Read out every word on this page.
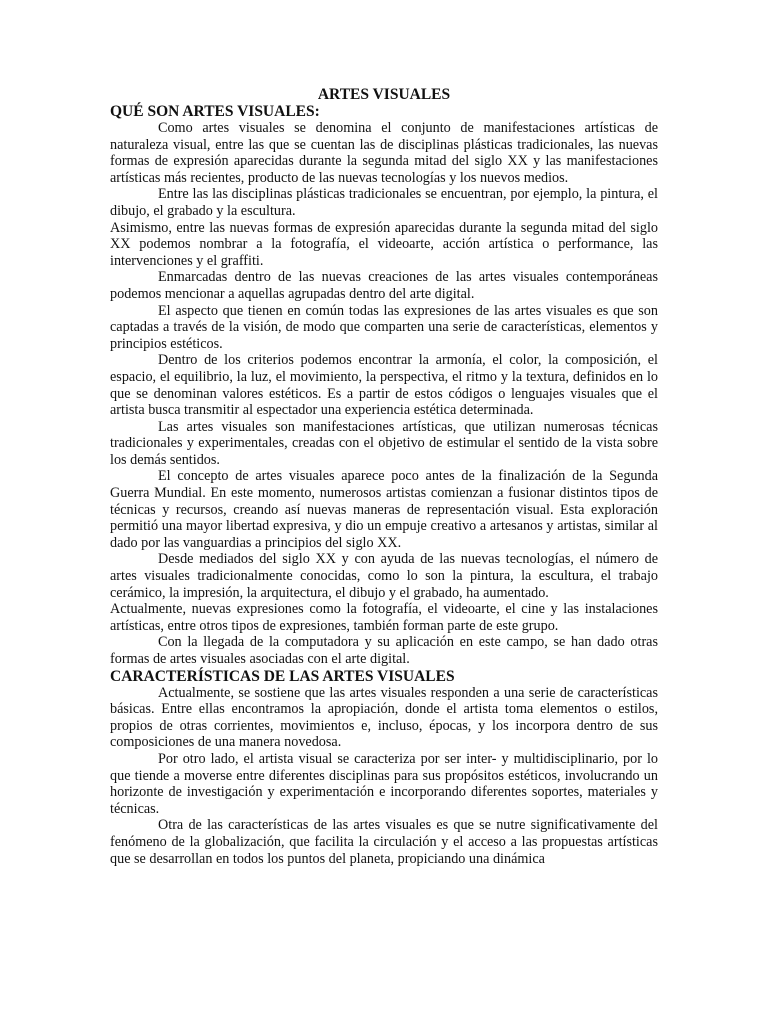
ARTES VISUALES

QUÉ SON ARTES VISUALES:

Como artes visuales se denomina el conjunto de manifestaciones artísticas de naturaleza visual, entre las que se cuentan las de disciplinas plásticas tradicionales, las nuevas formas de expresión aparecidas durante la segunda mitad del siglo XX y las manifestaciones artísticas más recientes, producto de las nuevas tecnologías y los nuevos medios.

Entre las las disciplinas plásticas tradicionales se encuentran, por ejemplo, la pintura, el dibujo, el grabado y la escultura.

Asimismo, entre las nuevas formas de expresión aparecidas durante la segunda mitad del siglo XX podemos nombrar a la fotografía, el videoarte, acción artística o performance, las intervenciones y el graffiti.

Enmarcadas dentro de las nuevas creaciones de las artes visuales contemporáneas podemos mencionar a aquellas agrupadas dentro del arte digital.

El aspecto que tienen en común todas las expresiones de las artes visuales es que son captadas a través de la visión, de modo que comparten una serie de características, elementos y principios estéticos.

Dentro de los criterios podemos encontrar la armonía, el color, la composición, el espacio, el equilibrio, la luz, el movimiento, la perspectiva, el ritmo y la textura, definidos en lo que se denominan valores estéticos. Es a partir de estos códigos o lenguajes visuales que el artista busca transmitir al espectador una experiencia estética determinada.

Las artes visuales son manifestaciones artísticas, que utilizan numerosas técnicas tradicionales y experimentales, creadas con el objetivo de estimular el sentido de la vista sobre los demás sentidos.

El concepto de artes visuales aparece poco antes de la finalización de la Segunda Guerra Mundial. En este momento, numerosos artistas comienzan a fusionar distintos tipos de técnicas y recursos, creando así nuevas maneras de representación visual. Esta exploración permitió una mayor libertad expresiva, y dio un empuje creativo a artesanos y artistas, similar al dado por las vanguardias a principios del siglo XX.

Desde mediados del siglo XX y con ayuda de las nuevas tecnologías, el número de artes visuales tradicionalmente conocidas, como lo son la pintura, la escultura, el trabajo cerámico, la impresión, la arquitectura, el dibujo y el grabado, ha aumentado.

Actualmente, nuevas expresiones como la fotografía, el videoarte, el cine y las instalaciones artísticas, entre otros tipos de expresiones, también forman parte de este grupo.

Con la llegada de la computadora y su aplicación en este campo, se han dado otras formas de artes visuales asociadas con el arte digital.

CARACTERÍSTICAS DE LAS ARTES VISUALES

Actualmente, se sostiene que las artes visuales responden a una serie de características básicas. Entre ellas encontramos la apropiación, donde el artista toma elementos o estilos, propios de otras corrientes, movimientos e, incluso, épocas, y los incorpora dentro de sus composiciones de una manera novedosa.

Por otro lado, el artista visual se caracteriza por ser inter- y multidisciplinario, por lo que tiende a moverse entre diferentes disciplinas para sus propósitos estéticos, involucrando un horizonte de investigación y experimentación e incorporando diferentes soportes, materiales y técnicas.

Otra de las características de las artes visuales es que se nutre significativamente del fenómeno de la globalización, que facilita la circulación y el acceso a las propuestas artísticas que se desarrollan en todos los puntos del planeta, propiciando una dinámica
